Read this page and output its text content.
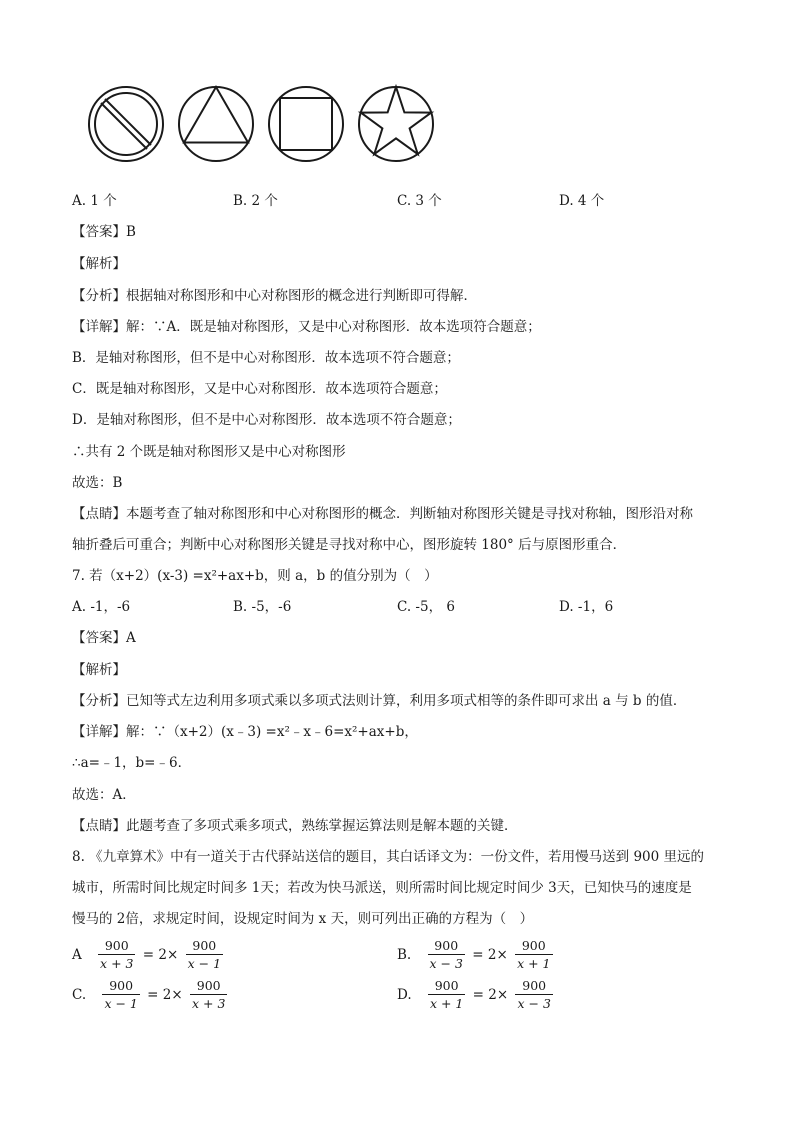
A. 1 个	B. 2 个	C. 3 个	D. 4 个
【答案】B
【解析】
【分析】根据轴对称图形和中心对称图形的概念进行判断即可得解．
【详解】解：∵A．既是轴对称图形，又是中心对称图形．故本选项符合题意；
B．是轴对称图形，但不是中心对称图形．故本选项不符合题意；
C．既是轴对称图形，又是中心对称图形．故本选项符合题意；
D．是轴对称图形，但不是中心对称图形．故本选项不符合题意；
∴共有 2 个既是轴对称图形又是中心对称图形
故选：B
【点睛】本题考查了轴对称图形和中心对称图形的概念．判断轴对称图形关键是寻找对称轴，图形沿对称
轴折叠后可重合；判断中心对称图形关键是寻找对称中心，图形旋转 180° 后与原图形重合．
7. 若（x+2）(x-3) =x²+ax+b，则 a，b 的值分别为（　）
A. -1，-6	B. -5，-6	C. -5， 6	D. -1，6
【答案】A
【解析】
【分析】已知等式左边利用多项式乘以多项式法则计算，利用多项式相等的条件即可求出 a 与 b 的值．
【详解】解：∵（x+2）(x﹣3) =x²﹣x﹣6=x²+ax+b，
∴a=﹣1，b=﹣6．
故选：A．
【点睛】此题考查了多项式乘多项式，熟练掌握运算法则是解本题的关键．
8. 《九章算术》中有一道关于古代驿站送信的题目，其白话译文为：一份文件，若用慢马送到 900 里远的
城市，所需时间比规定时间多 1天；若改为快马派送，则所需时间比规定时间少 3天，已知快马的速度是
慢马的 2倍，求规定时间，设规定时间为 x 天，则可列出正确的方程为（　）
A $\frac{900}{x + 3} = 2\times \frac{900}{x - 1}$	B. $\frac{900}{x - 3} = 2\times \frac{900}{x + 1}$
C. $\frac{900}{x - 1} = 2\times \frac{900}{x + 3}$	D. $\frac{900}{x + 1} = 2\times \frac{900}{x - 3}$
